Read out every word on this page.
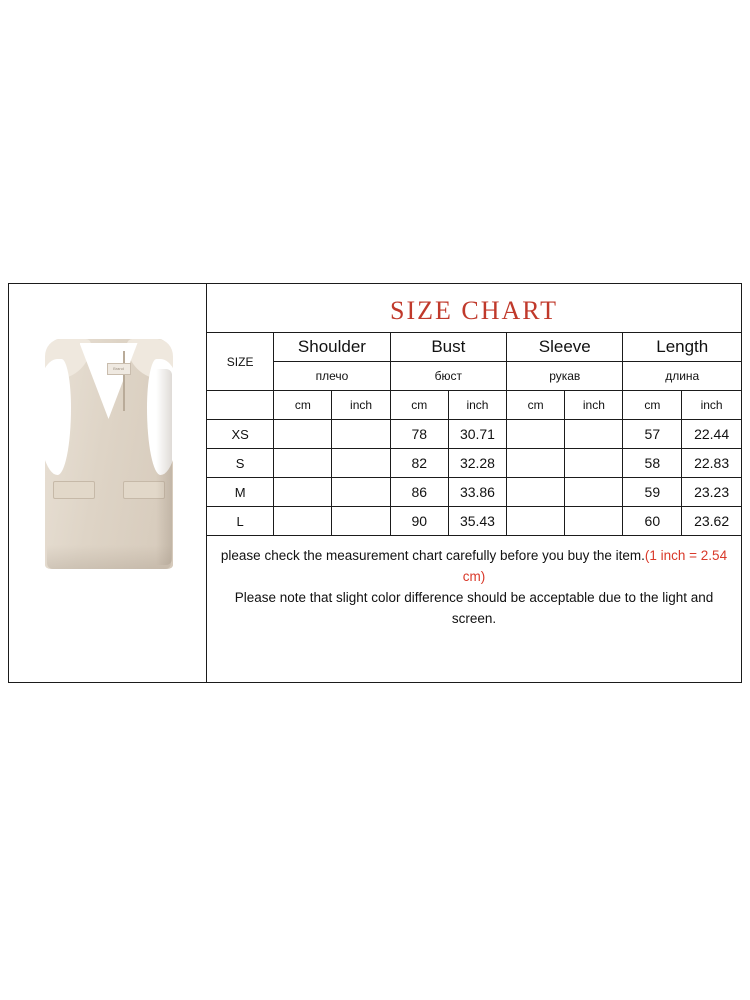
Brand
SIZE CHART
SIZE	Shoulder		Bust		Sleeve		Length	
	плечо		бюст		рукав		длина	
	cm	inch	cm	inch	cm	inch	cm	inch
XS			78	30.71			57	22.44
S			82	32.28			58	22.83
M			86	33.86			59	23.23
L			90	35.43			60	23.62
please check the measurement chart carefully before you buy the item.(1 inch = 2.54 cm)
Please note that slight color difference should be acceptable due to the light and screen.
